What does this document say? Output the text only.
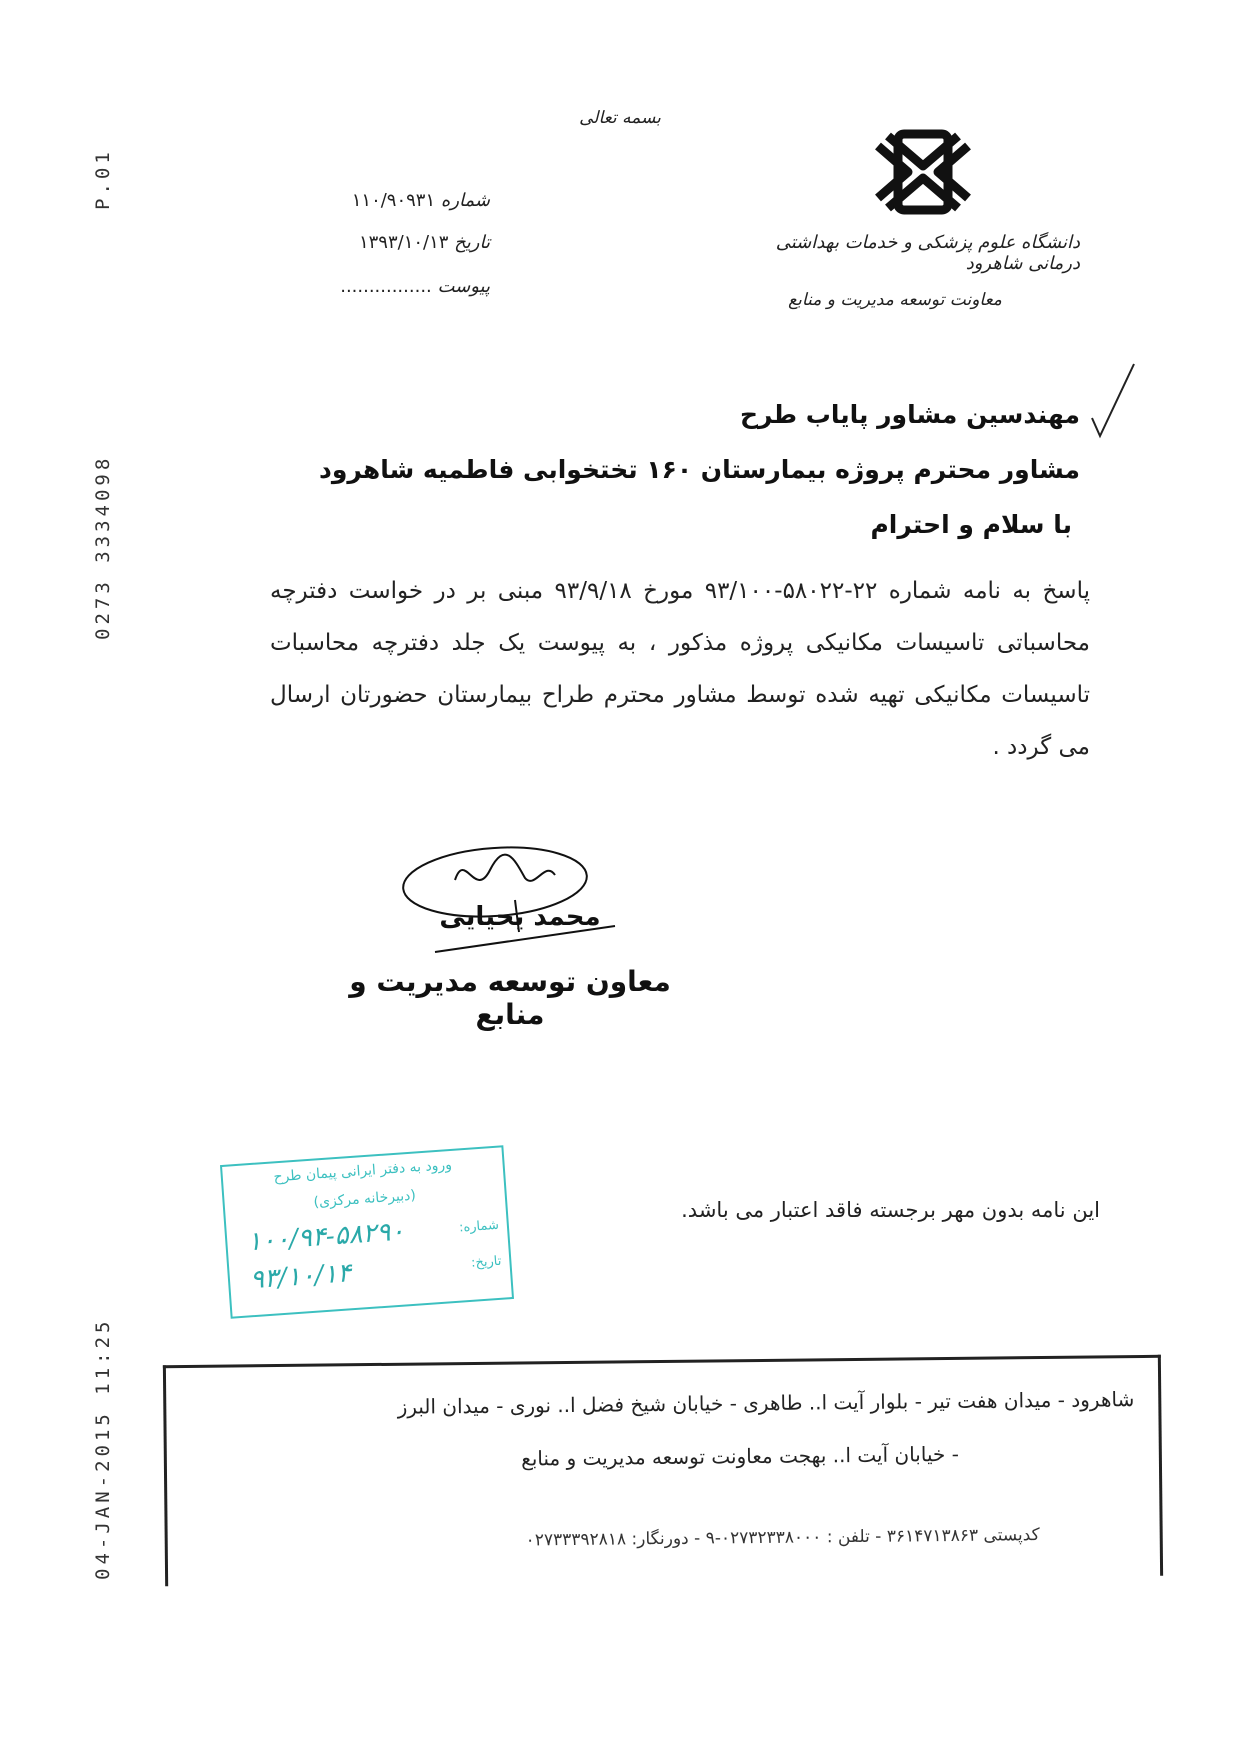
P.01
0273 3334098
04-JAN-2015 11:25
بسمه تعالی
دانشگاه علوم پزشکی و خدمات بهداشتی درمانی شاهرود
معاونت توسعه مدیریت و منابع
شماره ۱۱۰/۹۰۹۳۱
تاریخ ۱۳۹۳/۱۰/۱۳
پیوست ................
مهندسین مشاور پایاب طرح
مشاور محترم پروژه بیمارستان ۱۶۰ تختخوابی فاطمیه شاهرود
با سلام و احترام
پاسخ به نامه شماره ۲۲-۵۸۰۲۲-۹۳/۱۰۰ مورخ ۹۳/۹/۱۸ مبنی بر در خواست دفترچه محاسباتی تاسیسات مکانیکی پروژه مذکور ، به پیوست یک جلد دفترچه محاسبات تاسیسات مکانیکی تهیه شده توسط مشاور محترم طراح بیمارستان حضورتان ارسال می گردد .
محمد یحیایی
معاون توسعه مدیریت و منابع
ورود به دفتر ایرانی پیمان طرح
(دبیرخانه مرکزی)
شماره:
۱۰۰/۹۴-۵۸۲۹۰
تاریخ:
۹۳/۱۰/۱۴
این نامه بدون مهر برجسته فاقد اعتبار می باشد.
شاهرود - میدان هفت تیر - بلوار آیت ا.. طاهری - خیابان شیخ فضل ا.. نوری - میدان البرز
- خیابان آیت ا.. بهجت معاونت توسعه مدیریت و منابع
کدپستی ۳۶۱۴۷۱۳۸۶۳ - تلفن : ۰۲۷۳۲۳۳۸۰۰۰-۹ - دورنگار: ۰۲۷۳۳۳۹۲۸۱۸
